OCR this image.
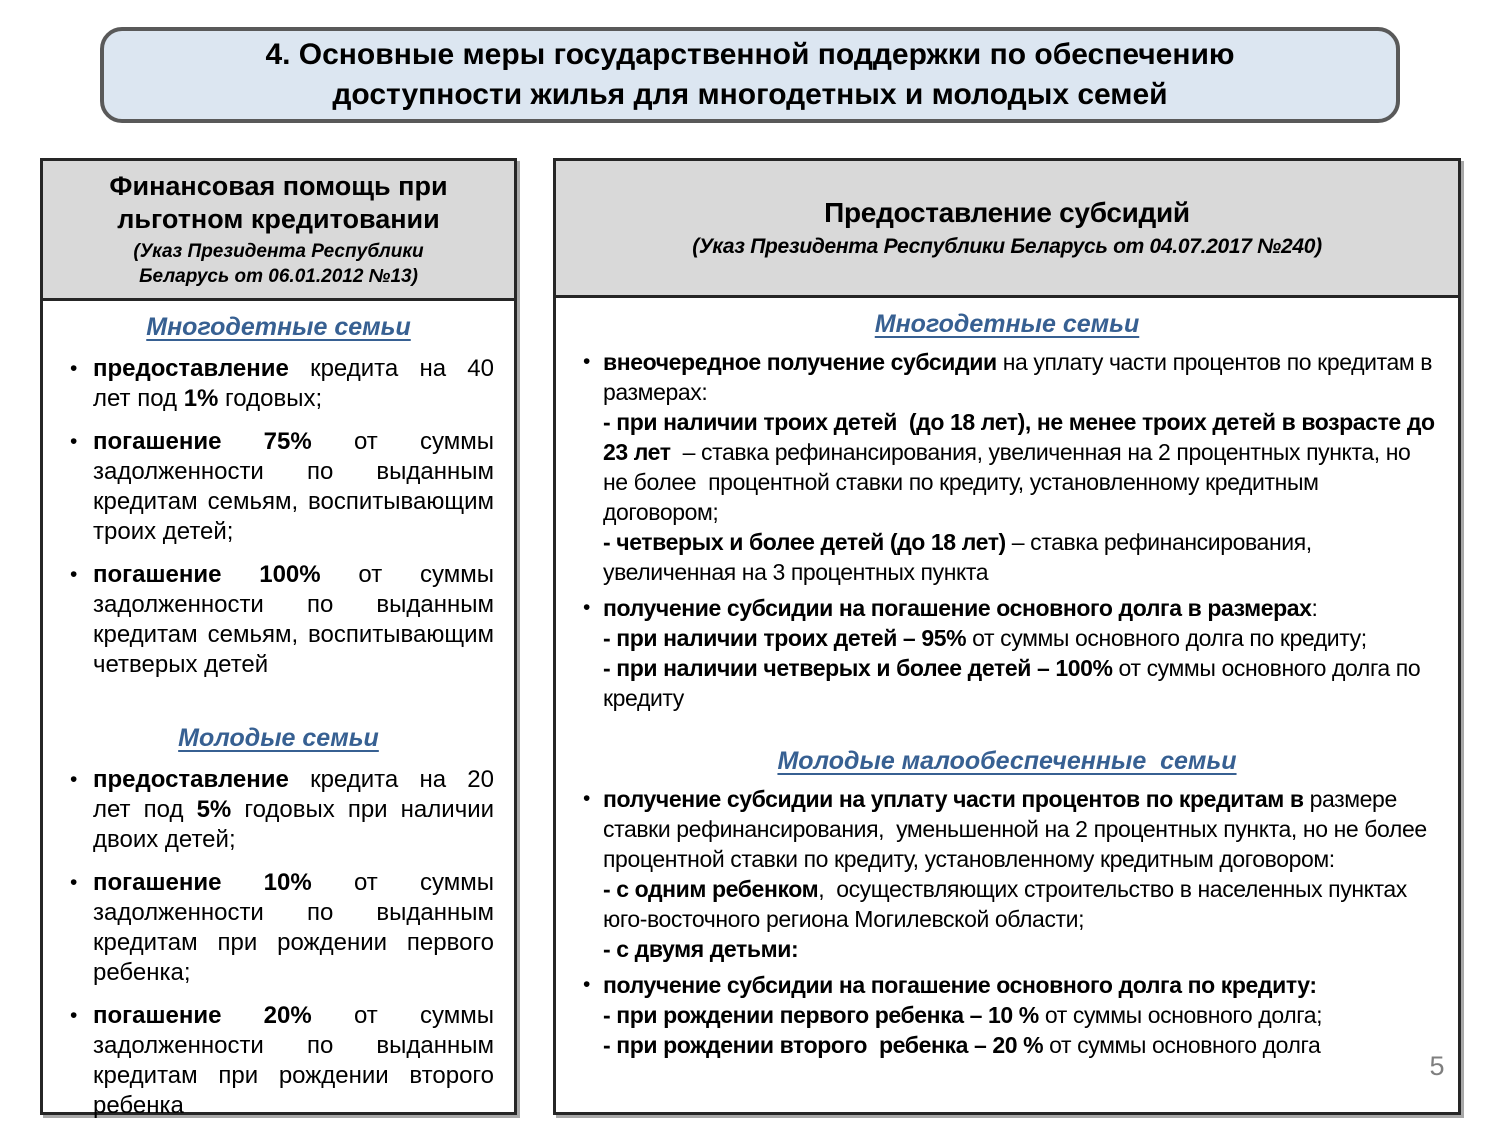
4. Основные меры государственной поддержки по обеспечению доступности жилья для многодетных и молодых семей
Финансовая помощь при льготном кредитовании
(Указ Президента Республики Беларусь от 06.01.2012 №13)
Многодетные семьи
• предоставление кредита на 40 лет под 1% годовых;
• погашение 75% от суммы задолженности по выданным кредитам семьям, воспитывающим троих детей;
• погашение 100% от суммы задолженности по выданным кредитам семьям, воспитывающим четверых детей
Молодые семьи
• предоставление кредита на 20 лет под 5% годовых при наличии двоих детей;
• погашение 10% от суммы задолженности по выданным кредитам при рождении первого ребенка;
• погашение 20% от суммы задолженности по выданным кредитам при рождении второго ребенка
Предоставление субсидий
(Указ Президента Республики Беларусь от 04.07.2017 №240)
Многодетные семьи
• внеочередное получение субсидии на уплату части процентов по кредитам в размерах:
- при наличии троих детей  (до 18 лет), не менее троих детей в возрасте до 23 лет  – ставка рефинансирования, увеличенная на 2 процентных пункта, но не более  процентной ставки по кредиту, установленному кредитным договором;
- четверых и более детей (до 18 лет) – ставка рефинансирования, увеличенная на 3 процентных пункта
• получение субсидии на погашение основного долга в размерах:
- при наличии троих детей – 95% от суммы основного долга по кредиту;
- при наличии четверых и более детей – 100% от суммы основного долга по кредиту
Молодые малообеспеченные  семьи
• получение субсидии на уплату части процентов по кредитам в размере ставки рефинансирования,  уменьшенной на 2 процентных пункта, но не более процентной ставки по кредиту, установленному кредитным договором:
- с одним ребенком,  осуществляющих строительство в населенных пунктах юго-восточного региона Могилевской области;
- с двумя детьми:
• получение субсидии на погашение основного долга по кредиту:
- при рождении первого ребенка – 10 % от суммы основного долга;
- при рождении второго  ребенка – 20 % от суммы основного долга
5
